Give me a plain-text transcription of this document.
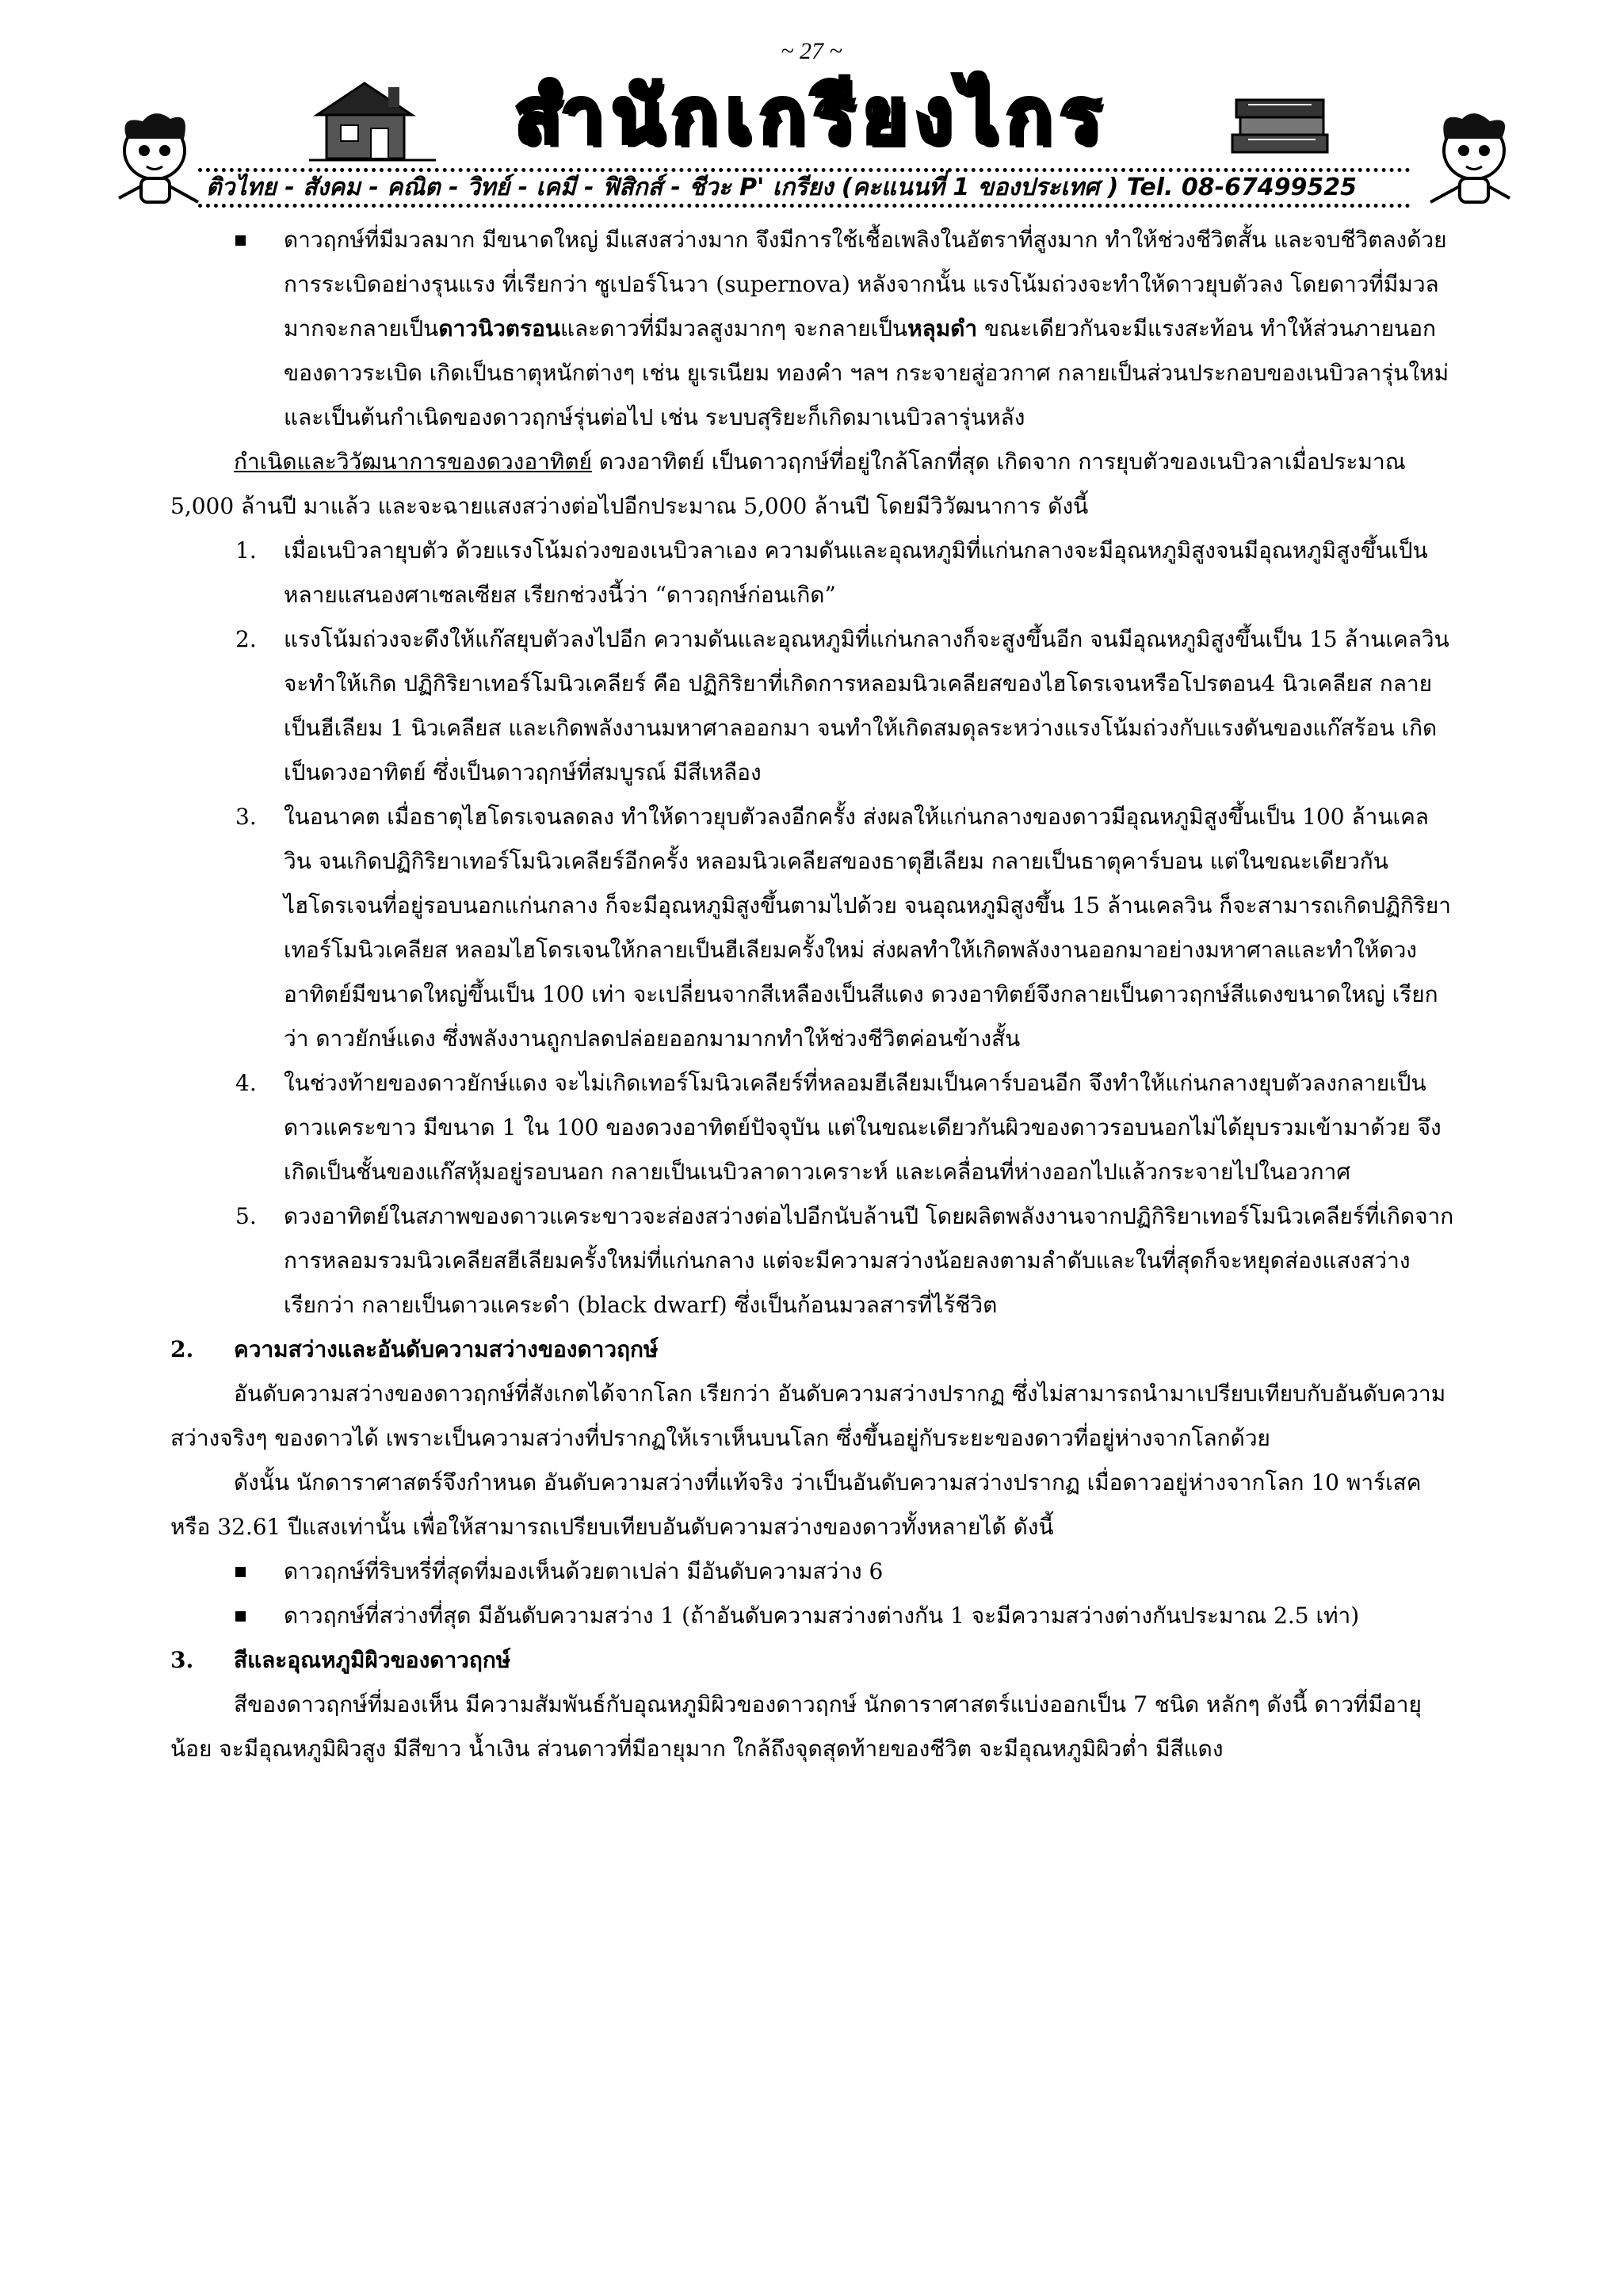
~ 27 ~
สำนักเกรียงไกร
ติวไทย - สังคม - คณิต - วิทย์ - เคมี - ฟิสิกส์ - ชีวะ P' เกรียง (คะแนนที่ 1 ของประเทศ ) Tel. 08-67499525

ดาวฤกษ์ที่มีมวลมาก มีขนาดใหญ่ มีแสงสว่างมาก จึงมีการใช้เชื้อเพลิงในอัตราที่สูงมาก ทำให้ช่วงชีวิตสั้น และจบชีวิตลงด้วยการระเบิดอย่างรุนแรง ที่เรียกว่า ซูเปอร์โนวา (supernova) หลังจากนั้น แรงโน้มถ่วงจะทำให้ดาวยุบตัวลง โดยดาวที่มีมวลมากจะกลายเป็นดาวนิวตรอนและดาวที่มีมวลสูงมากๆ จะกลายเป็นหลุมดำ ขณะเดียวกันจะมีแรงสะท้อน ทำให้ส่วนภายนอกของดาวระเบิด เกิดเป็นธาตุหนักต่างๆ เช่น ยูเรเนียม ทองคำ ฯลฯ กระจายสู่อวกาศ กลายเป็นส่วนประกอบของเนบิวลารุ่นใหม่ และเป็นต้นกำเนิดของดาวฤกษ์รุ่นต่อไป เช่น ระบบสุริยะก็เกิดมาเนบิวลารุ่นหลัง

กำเนิดและวิวัฒนาการของดวงอาทิตย์ ดวงอาทิตย์ เป็นดาวฤกษ์ที่อยู่ใกล้โลกที่สุด เกิดจาก การยุบตัวของเนบิวลาเมื่อประมาณ 5,000 ล้านปี มาแล้ว และจะฉายแสงสว่างต่อไปอีกประมาณ 5,000 ล้านปี โดยมีวิวัฒนาการ ดังนี้

1. เมื่อเนบิวลายุบตัว ด้วยแรงโน้มถ่วงของเนบิวลาเอง ความดันและอุณหภูมิที่แก่นกลางจะมีอุณหภูมิสูงจนมีอุณหภูมิสูงขึ้นเป็นหลายแสนองศาเซลเซียส เรียกช่วงนี้ว่า “ดาวฤกษ์ก่อนเกิด”

2. แรงโน้มถ่วงจะดึงให้แก๊สยุบตัวลงไปอีก ความดันและอุณหภูมิที่แก่นกลางก็จะสูงขึ้นอีก จนมีอุณหภูมิสูงขึ้นเป็น 15 ล้านเคลวิน จะทำให้เกิด ปฏิกิริยาเทอร์โมนิวเคลียร์ คือ ปฏิกิริยาที่เกิดการหลอมนิวเคลียสของไฮโดรเจนหรือโปรตอน4 นิวเคลียส กลายเป็นฮีเลียม 1 นิวเคลียส และเกิดพลังงานมหาศาลออกมา จนทำให้เกิดสมดุลระหว่างแรงโน้มถ่วงกับแรงดันของแก๊สร้อน เกิดเป็นดวงอาทิตย์ ซึ่งเป็นดาวฤกษ์ที่สมบูรณ์ มีสีเหลือง

3. ในอนาคต เมื่อธาตุไฮโดรเจนลดลง ทำให้ดาวยุบตัวลงอีกครั้ง ส่งผลให้แก่นกลางของดาวมีอุณหภูมิสูงขึ้นเป็น 100 ล้านเคลวิน จนเกิดปฏิกิริยาเทอร์โมนิวเคลียร์อีกครั้ง หลอมนิวเคลียสของธาตุฮีเลียม กลายเป็นธาตุคาร์บอน แต่ในขณะเดียวกัน ไฮโดรเจนที่อยู่รอบนอกแก่นกลาง ก็จะมีอุณหภูมิสูงขึ้นตามไปด้วย จนอุณหภูมิสูงขึ้น 15 ล้านเคลวิน ก็จะสามารถเกิดปฏิกิริยาเทอร์โมนิวเคลียส หลอมไฮโดรเจนให้กลายเป็นฮีเลียมครั้งใหม่ ส่งผลทำให้เกิดพลังงานออกมาอย่างมหาศาลและทำให้ดวงอาทิตย์มีขนาดใหญ่ขึ้นเป็น 100 เท่า จะเปลี่ยนจากสีเหลืองเป็นสีแดง ดวงอาทิตย์จึงกลายเป็นดาวฤกษ์สีแดงขนาดใหญ่ เรียกว่า ดาวยักษ์แดง ซึ่งพลังงานถูกปลดปล่อยออกมามากทำให้ช่วงชีวิตค่อนข้างสั้น

4. ในช่วงท้ายของดาวยักษ์แดง จะไม่เกิดเทอร์โมนิวเคลียร์ที่หลอมฮีเลียมเป็นคาร์บอนอีก จึงทำให้แก่นกลางยุบตัวลงกลายเป็นดาวแคระขาว มีขนาด 1 ใน 100 ของดวงอาทิตย์ปัจจุบัน แต่ในขณะเดียวกันผิวของดาวรอบนอกไม่ได้ยุบรวมเข้ามาด้วย จึงเกิดเป็นชั้นของแก๊สหุ้มอยู่รอบนอก กลายเป็นเนบิวลาดาวเคราะห์ และเคลื่อนที่ห่างออกไปแล้วกระจายไปในอวกาศ

5. ดวงอาทิตย์ในสภาพของดาวแคระขาวจะส่องสว่างต่อไปอีกนับล้านปี โดยผลิตพลังงานจากปฏิกิริยาเทอร์โมนิวเคลียร์ที่เกิดจากการหลอมรวมนิวเคลียสฮีเลียมครั้งใหม่ที่แก่นกลาง แต่จะมีความสว่างน้อยลงตามลำดับและในที่สุดก็จะหยุดส่องแสงสว่าง เรียกว่า กลายเป็นดาวแคระดำ (black dwarf) ซึ่งเป็นก้อนมวลสารที่ไร้ชีวิต

2. ความสว่างและอันดับความสว่างของดาวฤกษ์

อันดับความสว่างของดาวฤกษ์ที่สังเกตได้จากโลก เรียกว่า อันดับความสว่างปรากฏ ซึ่งไม่สามารถนำมาเปรียบเทียบกับอันดับความสว่างจริงๆ ของดาวได้ เพราะเป็นความสว่างที่ปรากฏให้เราเห็นบนโลก ซึ่งขึ้นอยู่กับระยะของดาวที่อยู่ห่างจากโลกด้วย

ดังนั้น นักดาราศาสตร์จึงกำหนด อันดับความสว่างที่แท้จริง ว่าเป็นอันดับความสว่างปรากฏ เมื่อดาวอยู่ห่างจากโลก 10 พาร์เสค หรือ 32.61 ปีแสงเท่านั้น เพื่อให้สามารถเปรียบเทียบอันดับความสว่างของดาวทั้งหลายได้ ดังนี้

ดาวฤกษ์ที่ริบหรี่ที่สุดที่มองเห็นด้วยตาเปล่า มีอันดับความสว่าง 6

ดาวฤกษ์ที่สว่างที่สุด มีอันดับความสว่าง 1 (ถ้าอันดับความสว่างต่างกัน 1 จะมีความสว่างต่างกันประมาณ 2.5 เท่า)

3. สีและอุณหภูมิผิวของดาวฤกษ์

สีของดาวฤกษ์ที่มองเห็น มีความสัมพันธ์กับอุณหภูมิผิวของดาวฤกษ์ นักดาราศาสตร์แบ่งออกเป็น 7 ชนิด หลักๆ ดังนี้ ดาวที่มีอายุน้อย จะมีอุณหภูมิผิวสูง มีสีขาว น้ำเงิน ส่วนดาวที่มีอายุมาก ใกล้ถึงจุดสุดท้ายของชีวิต จะมีอุณหภูมิผิวต่ำ มีสีแดง
